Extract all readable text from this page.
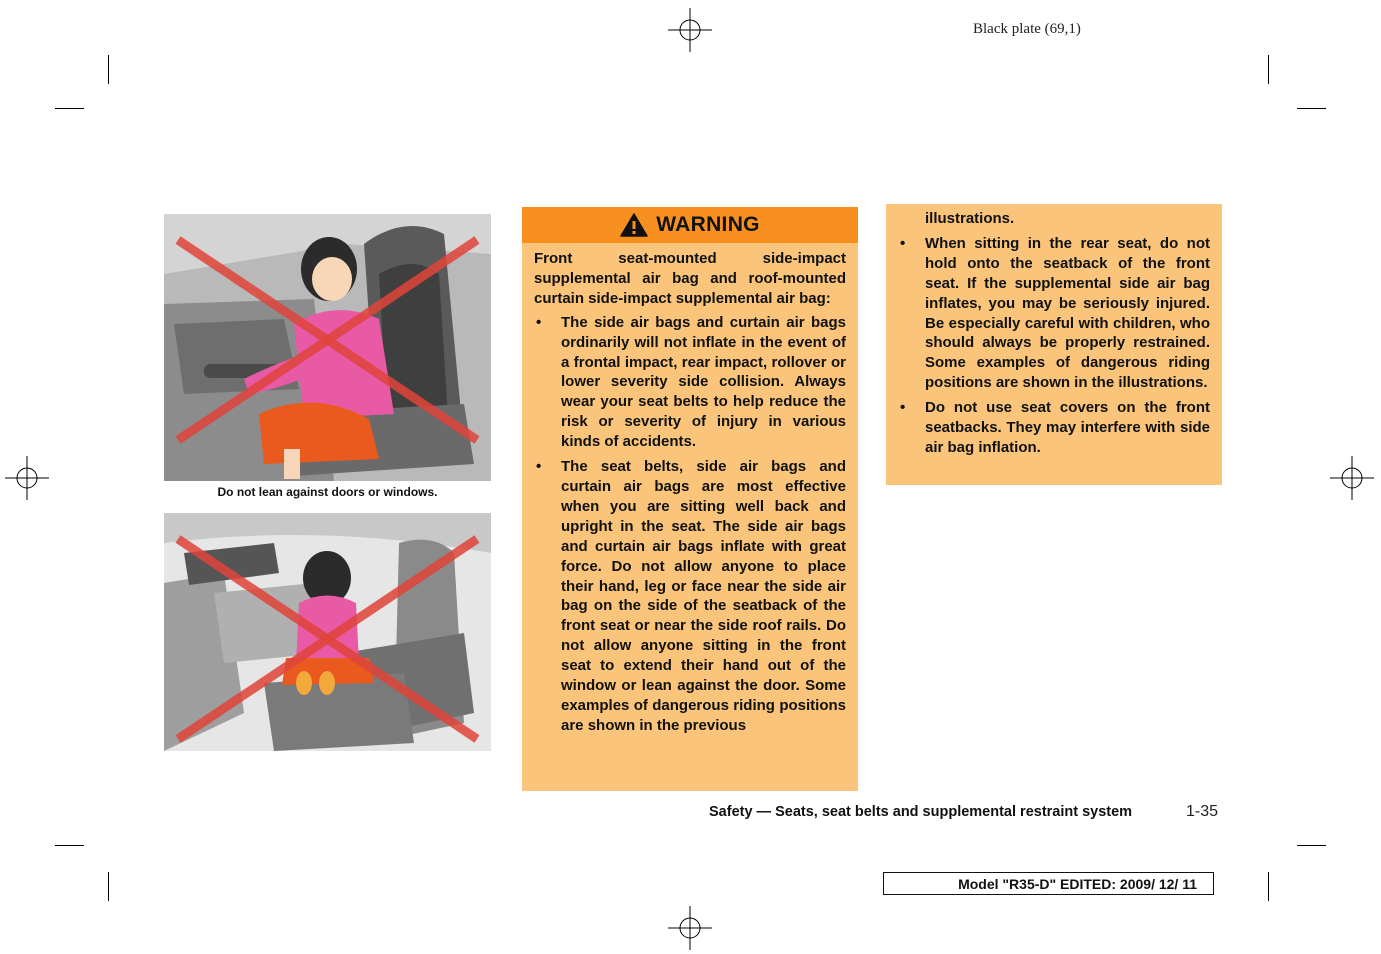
Black plate (69,1)
Do not lean against doors or windows.
WARNING

Front seat-mounted side-impact supplemental air bag and roof-mounted curtain side-impact supplemental air bag:

• The side air bags and curtain air bags ordinarily will not inflate in the event of a frontal impact, rear impact, rollover or lower severity side collision. Always wear your seat belts to help reduce the risk or severity of injury in various kinds of accidents.
• The seat belts, side air bags and curtain air bags are most effective when you are sitting well back and upright in the seat. The side air bags and curtain air bags inflate with great force. Do not allow anyone to place their hand, leg or face near the side air bag on the side of the seatback of the front seat or near the side roof rails. Do not allow anyone sitting in the front seat to extend their hand out of the window or lean against the door. Some examples of dangerous riding positions are shown in the previous

illustrations.

• When sitting in the rear seat, do not hold onto the seatback of the front seat. If the supplemental side air bag inflates, you may be seriously injured. Be especially careful with children, who should always be properly restrained. Some examples of dangerous riding positions are shown in the illustrations.
• Do not use seat covers on the front seatbacks. They may interfere with side air bag inflation.
Safety — Seats, seat belts and supplemental restraint system	1-35
Model "R35-D" EDITED: 2009/ 12/ 11
